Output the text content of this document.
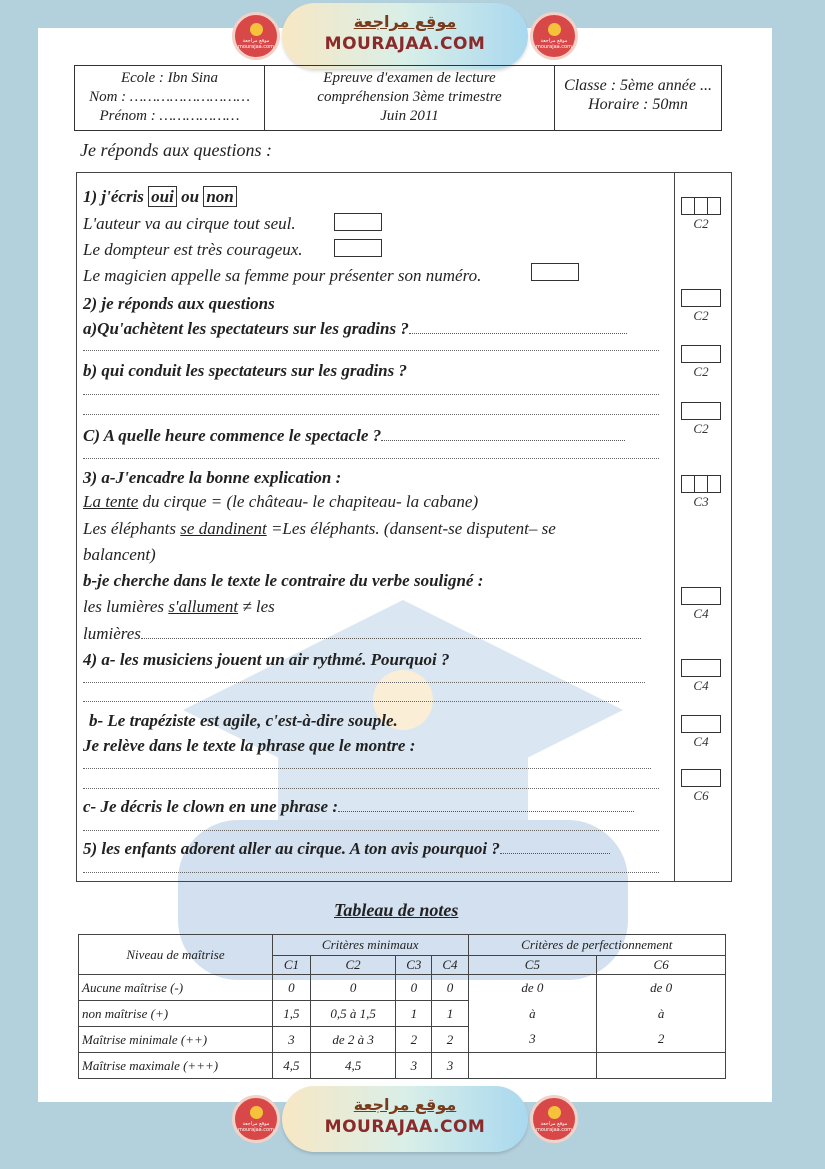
موقع مراجعة mourajaa.com
موقع مراجعة
MOURAJAA.COM	موقع مراجعة mourajaa.com
Ecole : Ibn Sina
Nom : ………………………
Prénom : ………………
Epreuve d'examen de lecture
compréhension 3ème trimestre
Juin 2011
Classe : 5ème année ...
Horaire : 50mn
Je réponds aux questions :
1) j'écris oui ou non
L'auteur va au cirque tout seul.
Le dompteur est très courageux.
Le magicien appelle sa femme pour présenter son numéro.
2) je réponds aux questions
a)Qu'achètent les spectateurs sur les gradins ?
b) qui conduit les spectateurs sur les gradins ?
C) A quelle heure commence le spectacle ?
3) a-J'encadre la bonne explication :
La tente du cirque = (le château- le chapiteau- la cabane)
Les éléphants se dandinent =Les éléphants. (dansent-se disputent– se
balancent)
b-je cherche dans le texte le contraire du verbe souligné :
les lumières s'allument ≠ les
lumières
4) a- les musiciens jouent un air rythmé. Pourquoi ?
b- Le trapéziste est agile, c'est-à-dire souple.
Je relève dans le texte la phrase que le montre :
c- Je décris le clown en une phrase :
5) les enfants adorent aller au cirque. A ton avis pourquoi ?
C2
C2
C2
C2
C3
C4
C4
C4
C6
Tableau de notes
Niveau de maîtrise	Critères minimaux				Critères de perfectionnement	
	C1	C2	C3	C4	C5	C6
Aucune maîtrise (-)	0	0	0	0	de 0	de 0
non maîtrise (+)	1,5	0,5 à 1,5	1	1	à	à
Maîtrise minimale (++)	3	de 2 à 3	2	2	3	2
Maîtrise maximale (+++)	4,5	4,5	3	3		
موقع مراجعة mourajaa.com
موقع مراجعة
MOURAJAA.COM	موقع مراجعة mourajaa.com
